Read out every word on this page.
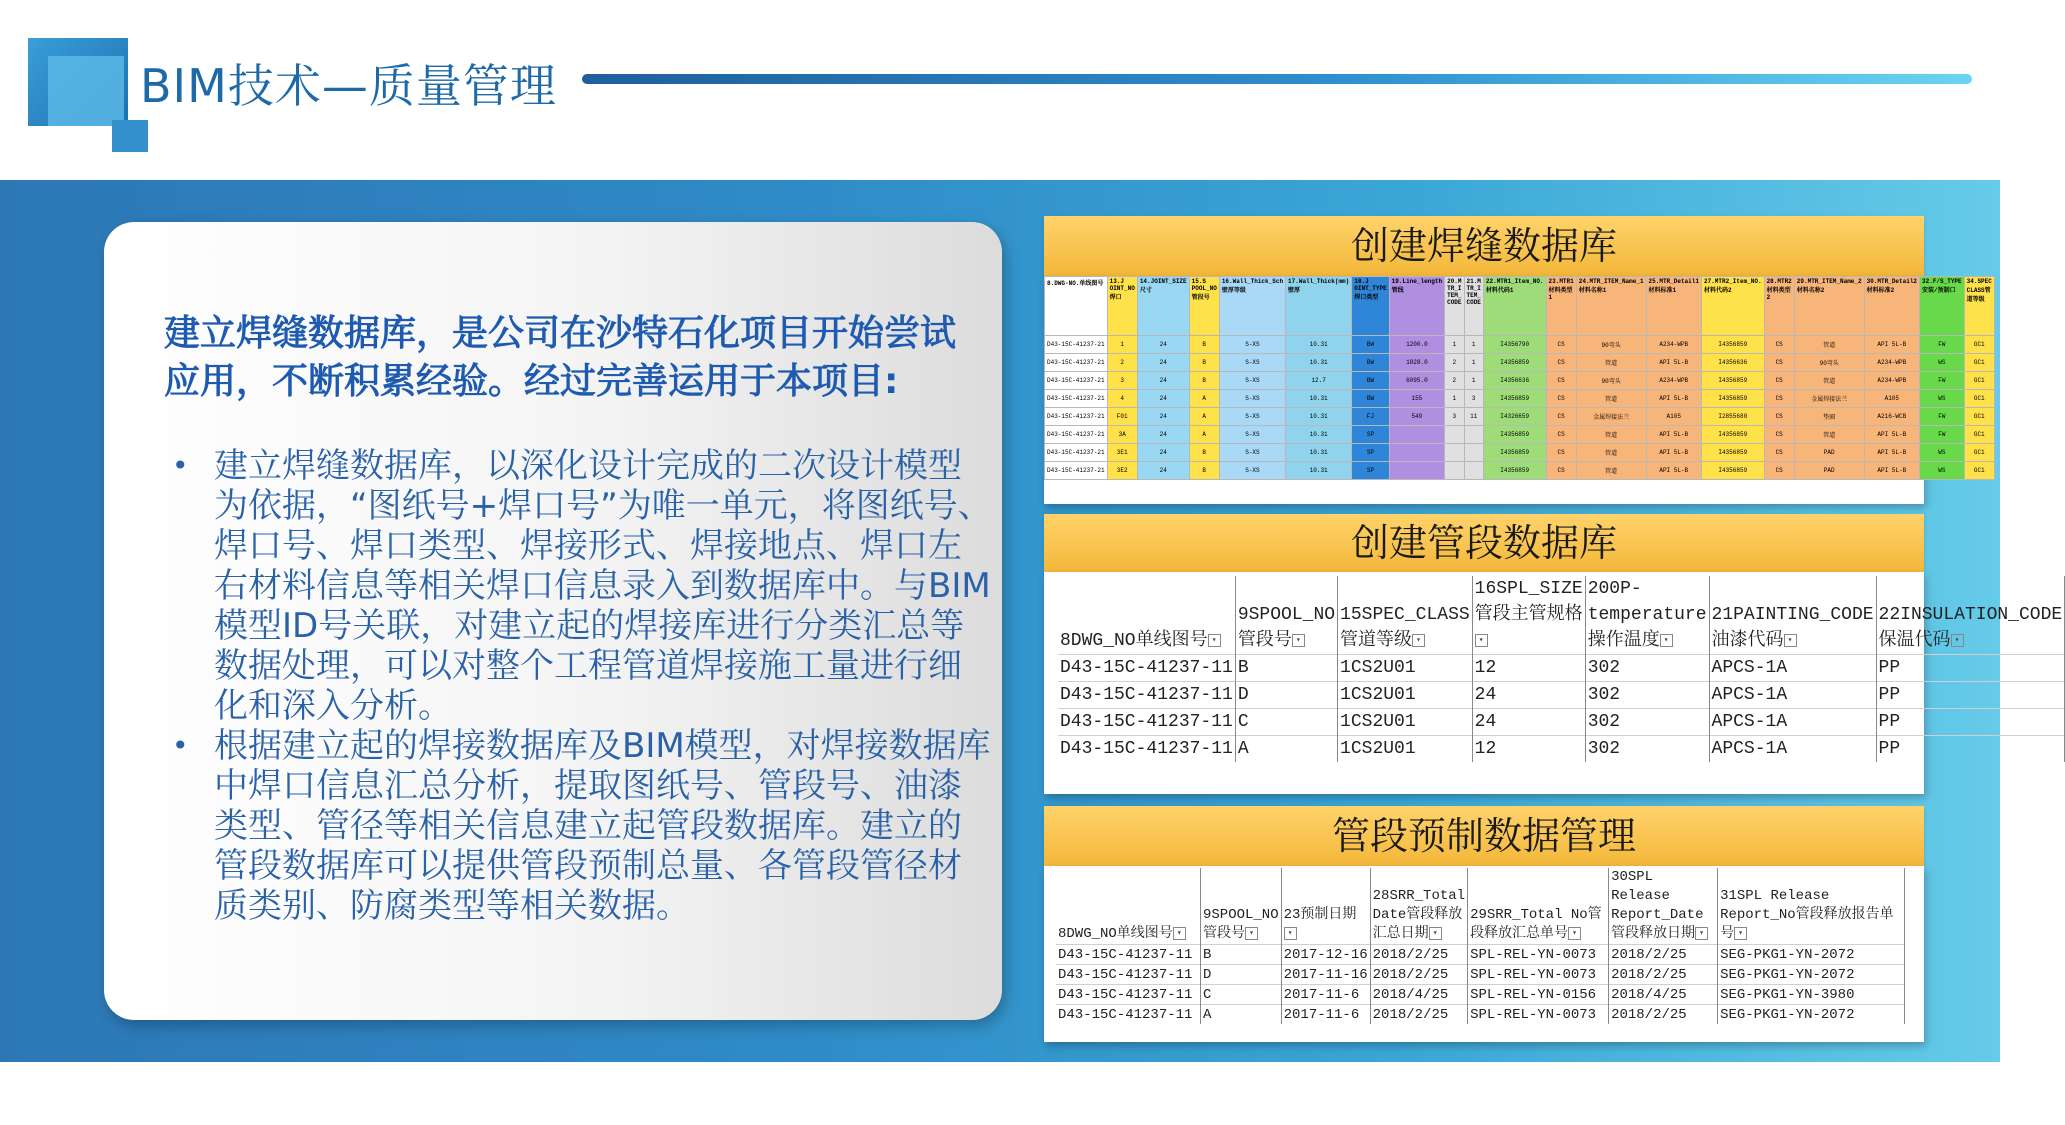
BIM技术—质量管理
建立焊缝数据库，是公司在沙特石化项目开始尝试应用，不断积累经验。经过完善运用于本项目:
• 建立焊缝数据库，以深化设计完成的二次设计模型为依据，“图纸号+焊口号”为唯一单元，将图纸号、焊口号、焊口类型、焊接形式、焊接地点、焊口左右材料信息等相关焊口信息录入到数据库中。与BIM模型ID号关联，对建立起的焊接库进行分类汇总等数据处理，可以对整个工程管道焊接施工量进行细化和深入分析。
• 根据建立起的焊接数据库及BIM模型，对焊接数据库中焊口信息汇总分析，提取图纸号、管段号、油漆类型、管径等相关信息建立起管段数据库。建立的管段数据库可以提供管段预制总量、各管段管径材质类别、防腐类型等相关数据。
创建焊缝数据库
8.DWG-NO.单线图号	13.J OINT_NO 焊口	14.JOINT_SIZE 尺寸	15.S POOL_NO 管段号	16.Wall_Thick_Sch壁厚等级	17.Wall_Thick(mm)壁厚	18.J OINT_TYPE焊口类型	19.Line_length管线	20.M TR_I TEM_ CODE	21.M TR_I TEM_ CODE	22.MTR1_Item_NO. 材料代码1	23.MTR1材料类型1	24.MTR_ITEM_Name_1材料名称1	25.MTR_Detail1材料标准1	27.MTR2_Item_NO.材料代码2	28.MTR2材料类型2	29.MTR_ITEM_Name_2材料名称2	30.MTR_Detail2材料标准2	32.F/S_TYPE安装/预制口	34.SPEC CLASS管道等级
D43-15C-41237-21	1	24	B	S-XS	10.31	BW	1200.0	1	1	I4356790	CS	90弯头	A234-WPB	I4356859	CS	管道	API 5L-B	FW	GC1
D43-15C-41237-21	2	24	B	S-XS	10.31	BW	1028.0	2	1	I4356859	CS	管道	API 5L-B	I4356636	CS	90弯头	A234-WPB	WS	GC1
D43-15C-41237-21	3	24	B	S-XS	12.7	BW	6095.0	2	1	I4356636	CS	90弯头	A234-WPB	I4356859	CS	管道	A234-WPB	FW	GC1
D43-15C-41237-21	4	24	A	S-XS	10.31	BW	155	1	3	I4356859	CS	管道	API 5L-B	I4356859	CS	金属焊接法兰	A105	WS	GC1
D43-15C-41237-21	F01	24	A	S-XS	10.31	FJ	549	3	11	I4326659	CS	金属焊接法兰	A105	I2855680	CS	垫圈	A216-WCB	FW	GC1
D43-15C-41237-21	3A	24	A	S-XS	10.31	SP				I4356859	CS	管道	API 5L-B	I4356859	CS	管道	API 5L-B	FW	GC1
D43-15C-41237-21	3E1	24	B	S-XS	10.31	SP				I4356859	CS	管道	API 5L-B	I4356859	CS	PAD	API 5L-B	WS	GC1
D43-15C-41237-21	3E2	24	B	S-XS	10.31	SP				I4356859	CS	管道	API 5L-B	I4356859	CS	PAD	API 5L-B	WS	GC1
创建管段数据库
8DWG_NO单线图号 ▾	9SPOOL_NO管段号 ▾	15SPEC_CLASS管道等级 ▾	16SPL_SIZE管段主管规格▾	200P-temperature操作温度 ▾	21PAINTING_CODE油漆代码 ▾	22INSULATION_CODE保温代码 ▾
D43-15C-41237-11	B	1CS2U01	12	302	APCS-1A	PP
D43-15C-41237-11	D	1CS2U01	24	302	APCS-1A	PP
D43-15C-41237-11	C	1CS2U01	24	302	APCS-1A	PP
D43-15C-41237-11	A	1CS2U01	12	302	APCS-1A	PP
管段预制数据管理
8DWG_NO单线图号 ▾	9SPOOL_NO管段号 ▾	23预制日期▾	28SRR_Total Date管段释放汇总日期 ▾	29SRR_Total No管段释放汇总单号 ▾	30SPL Release Report_Date管段释放日期 ▾	31SPL Release Report_No管段释放报告单号 ▾
D43-15C-41237-11	B	2017-12-16	2018/2/25	SPL-REL-YN-0073	2018/2/25	SEG-PKG1-YN-2072
D43-15C-41237-11	D	2017-11-16	2018/2/25	SPL-REL-YN-0073	2018/2/25	SEG-PKG1-YN-2072
D43-15C-41237-11	C	2017-11-6	2018/4/25	SPL-REL-YN-0156	2018/4/25	SEG-PKG1-YN-3980
D43-15C-41237-11	A	2017-11-6	2018/2/25	SPL-REL-YN-0073	2018/2/25	SEG-PKG1-YN-2072
